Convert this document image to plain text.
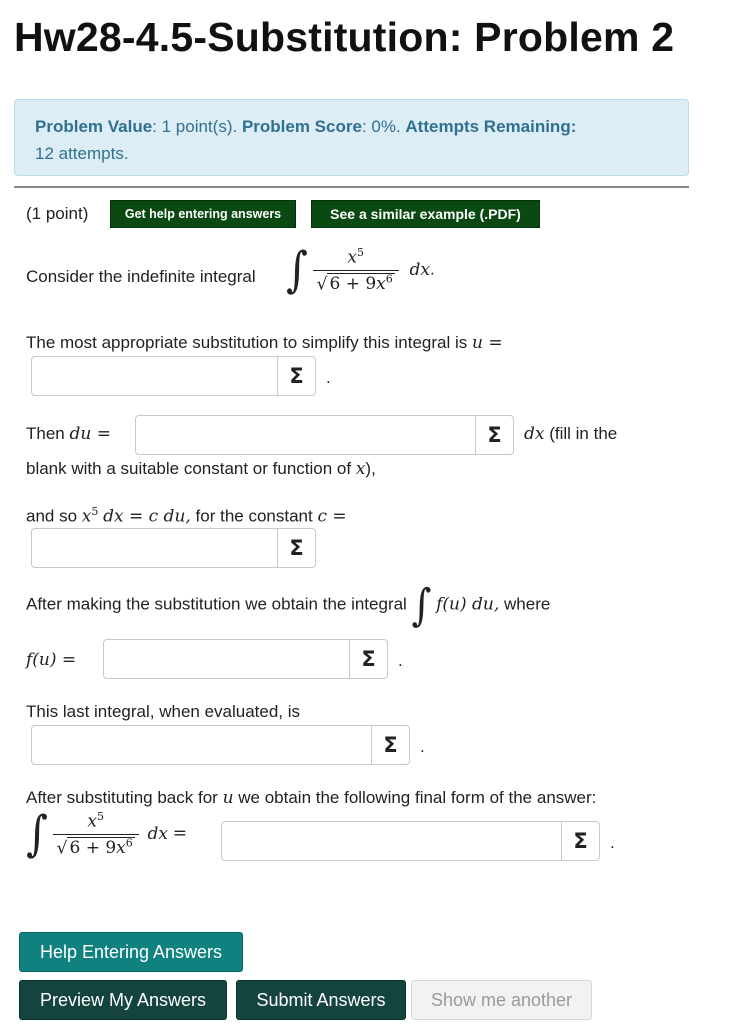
Hw28-4.5-Substitution: Problem 2
Problem Value: 1 point(s). Problem Score: 0%. Attempts Remaining:
12 attempts.
(1 point)	Get help entering answers	See a similar example (.PDF)
Consider the indefinite integral ∫ $\frac{x^5}{√ 6 + 9x^6}$ dx.
The most appropriate substitution to simplify this integral is u =
Σ	.
Then du =	Σ	dx (fill in the
blank with a suitable constant or function of x),
and so $x^5$ dx = c du, for the constant c =
Σ
After making the substitution we obtain the integral ∫ f(u) du, where
f(u) =	Σ	.
This last integral, when evaluated, is
Σ	.
After substituting back for u we obtain the following final form of the answer:
∫ $\frac{x^5}{√ 6 + 9x^6}$ dx =	Σ	.
Help Entering Answers
Preview My Answers	Submit Answers	Show me another
